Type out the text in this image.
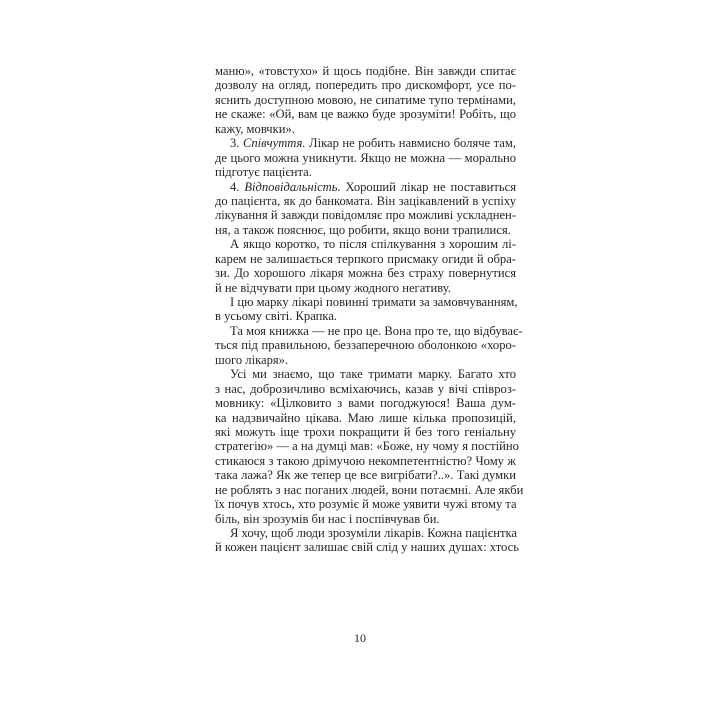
маню», «товстухо» й щось подібне. Він завжди спитає
дозволу на огляд, попередить про дискомфорт, усе по-
яснить доступною мовою, не сипатиме тупо термінами,
не скаже: «Ой, вам це важко буде зрозуміти! Робіть, що
кажу, мовчки».
3. Співчуття. Лікар не робить навмисно боляче там,
де цього можна уникнути. Якщо не можна — морально
підготує пацієнта.
4. Відповідальність. Хороший лікар не поставиться
до пацієнта, як до банкомата. Він зацікавлений в успіху
лікування й завжди повідомляє про можливі ускладнен-
ня, а також пояснює, що робити, якщо вони трапилися.
А якщо коротко, то після спілкування з хорошим лі-
карем не залишається терпкого присмаку огиди й обра-
зи. До хорошого лікаря можна без страху повернутися
й не відчувати при цьому жодного негативу.
І цю марку лікарі повинні тримати за замовчуванням,
в усьому світі. Крапка.
Та моя книжка — не про це. Вона про те, що відбуває-
ться під правильною, беззаперечною оболонкою «хоро-
шого лікаря».
Усі ми знаємо, що таке тримати марку. Багато хто
з нас, доброзичливо всміхаючись, казав у вічі співроз-
мовнику: «Цілковито з вами погоджуюся! Ваша дум-
ка надзвичайно цікава. Маю лише кілька пропозицій,
які можуть іще трохи покращити й без того геніальну
стратегію» — а на думці мав: «Боже, ну чому я постійно
стикаюся з такою дрімучою некомпетентністю? Чому ж
така лажа? Як же тепер це все вигрібати?..». Такі думки
не роблять з нас поганих людей, вони потаємні. Але якби
їх почув хтось, хто розуміє й може уявити чужі втому та
біль, він зрозумів би нас і поспівчував би.
Я хочу, щоб люди зрозуміли лікарів. Кожна пацієнтка
й кожен пацієнт залишає свій слід у наших душах: хтось
10
